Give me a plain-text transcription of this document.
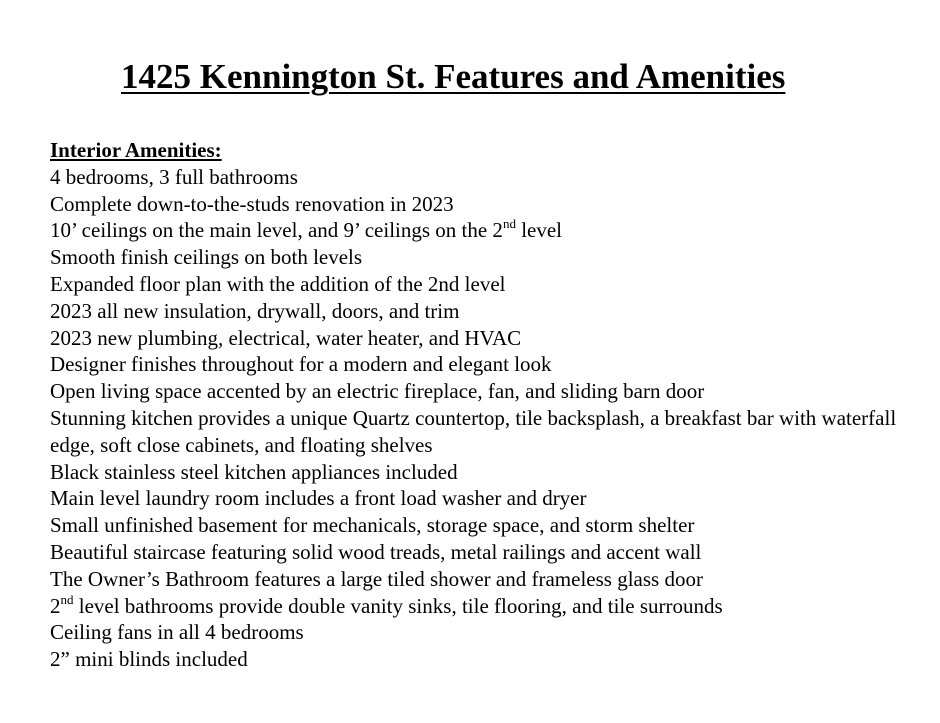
1425 Kennington St. Features and Amenities
Interior Amenities:
4 bedrooms, 3 full bathrooms
Complete down-to-the-studs renovation in 2023
10’ ceilings on the main level, and 9’ ceilings on the 2nd level
Smooth finish ceilings on both levels
Expanded floor plan with the addition of the 2nd level
2023 all new insulation, drywall, doors, and trim
2023 new plumbing, electrical, water heater, and HVAC
Designer finishes throughout for a modern and elegant look
Open living space accented by an electric fireplace, fan, and sliding barn door
Stunning kitchen provides a unique Quartz countertop, tile backsplash, a breakfast bar with waterfall edge, soft close cabinets, and floating shelves
Black stainless steel kitchen appliances included
Main level laundry room includes a front load washer and dryer
Small unfinished basement for mechanicals, storage space, and storm shelter
Beautiful staircase featuring solid wood treads, metal railings and accent wall
The Owner’s Bathroom features a large tiled shower and frameless glass door
2nd level bathrooms provide double vanity sinks, tile flooring, and tile surrounds
Ceiling fans in all 4 bedrooms
2” mini blinds included
